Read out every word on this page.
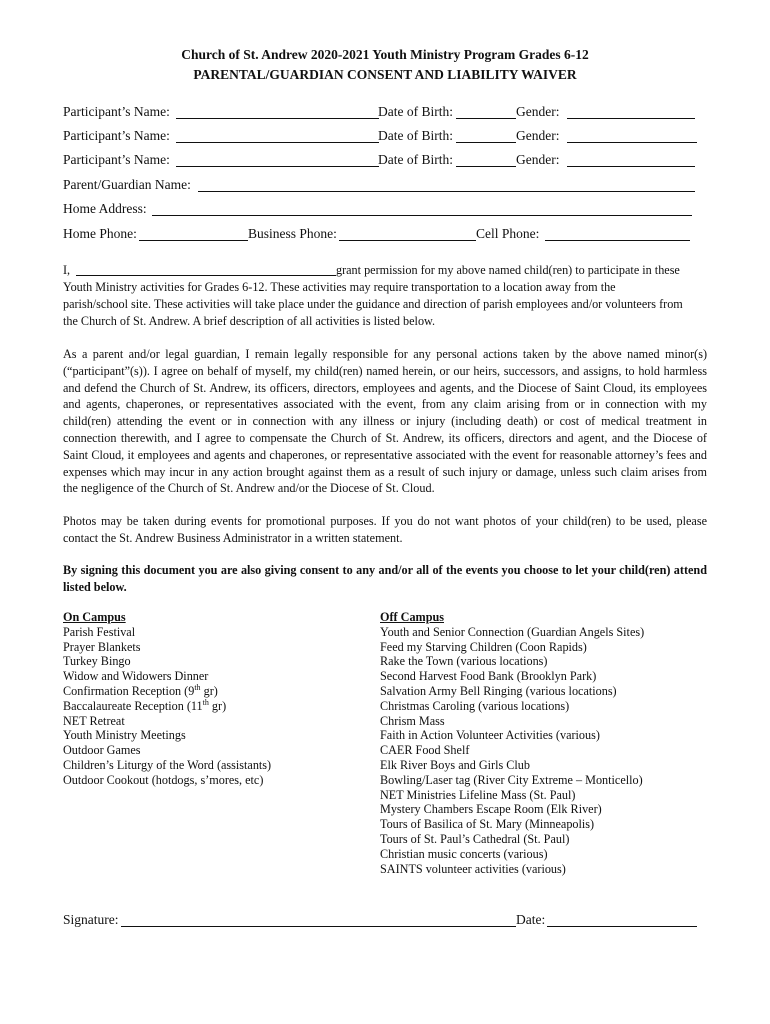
Church of St. Andrew 2020-2021 Youth Ministry Program Grades 6-12
PARENTAL/GUARDIAN CONSENT AND LIABILITY WAIVER
Participant’s Name:	Date of Birth:	Gender:
Participant’s Name:	Date of Birth:	Gender:
Participant’s Name:	Date of Birth:	Gender:
Parent/Guardian Name:
Home Address:
Home Phone:	Business Phone:	Cell Phone:
I,	grant permission for my above named child(ren) to participate in these
Youth Ministry activities for Grades 6-12. These activities may require transportation to a location away from the parish/school site. These activities will take place under the guidance and direction of parish employees and/or volunteers from the Church of St. Andrew. A brief description of all activities is listed below.
As a parent and/or legal guardian, I remain legally responsible for any personal actions taken by the above named minor(s) (“participant”(s)). I agree on behalf of myself, my child(ren) named herein, or our heirs, successors, and assigns, to hold harmless and defend the Church of St. Andrew, its officers, directors, employees and agents, and the Diocese of Saint Cloud, its employees and agents, chaperones, or representatives associated with the event, from any claim arising from or in connection with my child(ren) attending the event or in connection with any illness or injury (including death) or cost of medical treatment in connection therewith, and I agree to compensate the Church of St. Andrew, its officers, directors and agent, and the Diocese of Saint Cloud, it employees and agents and chaperones, or representative associated with the event for reasonable attorney’s fees and expenses which may incur in any action brought against them as a result of such injury or damage, unless such claim arises from the negligence of the Church of St. Andrew and/or the Diocese of St. Cloud.
Photos may be taken during events for promotional purposes. If you do not want photos of your child(ren) to be used, please contact the St. Andrew Business Administrator in a written statement.
By signing this document you are also giving consent to any and/or all of the events you choose to let your child(ren) attend listed below.
On Campus
Parish Festival
Prayer Blankets
Turkey Bingo
Widow and Widowers Dinner
Confirmation Reception (9th gr)
Baccalaureate Reception (11th gr)
NET Retreat
Youth Ministry Meetings
Outdoor Games
Children’s Liturgy of the Word (assistants)
Outdoor Cookout (hotdogs, s’mores, etc)
Off Campus
Youth and Senior Connection (Guardian Angels Sites)
Feed my Starving Children (Coon Rapids)
Rake the Town (various locations)
Second Harvest Food Bank (Brooklyn Park)
Salvation Army Bell Ringing (various locations)
Christmas Caroling (various locations)
Chrism Mass
Faith in Action Volunteer Activities (various)
CAER Food Shelf
Elk River Boys and Girls Club
Bowling/Laser tag (River City Extreme – Monticello)
NET Ministries Lifeline Mass (St. Paul)
Mystery Chambers Escape Room (Elk River)
Tours of Basilica of St. Mary (Minneapolis)
Tours of St. Paul’s Cathedral (St. Paul)
Christian music concerts (various)
SAINTS volunteer activities (various)
Signature:	Date:
